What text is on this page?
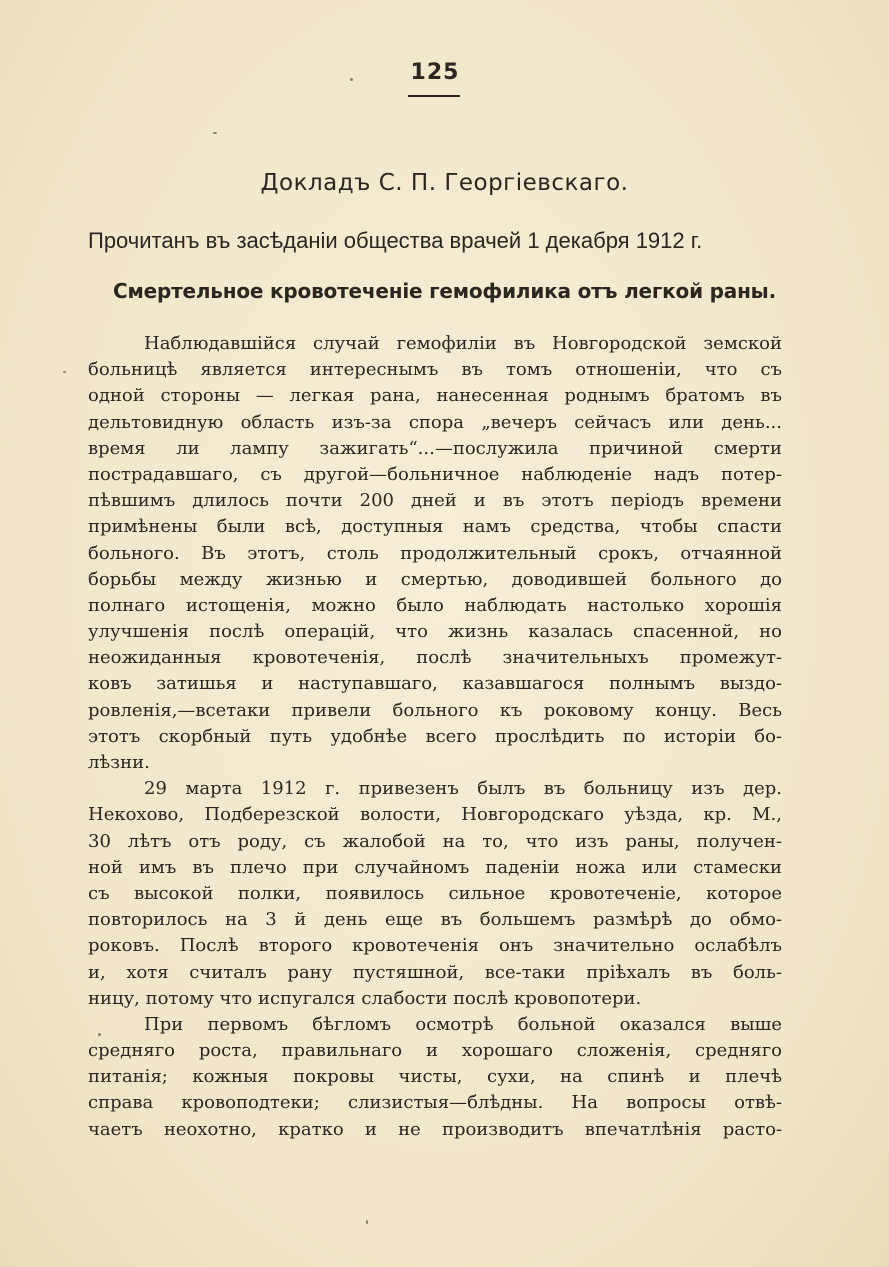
125
Докладъ С. П. Георгіевскаго.
Прочитанъ въ засѣданіи общества врачей 1 декабря 1912 г.
Смертельное кровотеченіе гемофилика отъ легкой раны.
Наблюдавшійся случай гемофиліи въ Новгородской земской
больницѣ является интереснымъ въ томъ отношеніи, что съ
одной стороны — легкая рана, нанесенная роднымъ братомъ въ
дельтовидную область изъ-за спора „вечеръ сейчасъ или день...
время ли лампу зажигать“...—послужила причиной смерти
пострадавшаго, съ другой—больничное наблюденіе надъ потер-
пѣвшимъ длилось почти 200 дней и въ этотъ періодъ времени
примѣнены были всѣ, доступныя намъ средства, чтобы спасти
больного. Въ этотъ, столь продолжительный срокъ, отчаянной
борьбы между жизнью и смертью, доводившей больного до
полнаго истощенія, можно было наблюдать настолько хорошія
улучшенія послѣ операцій, что жизнь казалась спасенной, но
неожиданныя кровотеченія, послѣ значительныхъ промежут-
ковъ затишья и наступавшаго, казавшагося полнымъ выздо-
ровленія,—всетаки привели больного къ роковому концу. Весь
этотъ скорбный путь удобнѣе всего прослѣдить по исторіи бо-
лѣзни.
29 марта 1912 г. привезенъ былъ въ больницу изъ дер.
Некохово, Подберезской волости, Новгородскаго уѣзда, кр. М.,
30 лѣтъ отъ роду, съ жалобой на то, что изъ раны, получен-
ной имъ въ плечо при случайномъ паденіи ножа или стамески
съ высокой полки, появилось сильное кровотеченіе, которое
повторилось на 3 й день еще въ большемъ размѣрѣ до обмо-
роковъ. Послѣ второго кровотеченія онъ значительно ослабѣлъ
и, хотя считалъ рану пустяшной, все-таки пріѣхалъ въ боль-
ницу, потому что испугался слабости послѣ кровопотери.
При первомъ бѣгломъ осмотрѣ больной оказался выше
средняго роста, правильнаго и хорошаго сложенія, средняго
питанія; кожныя покровы чисты, сухи, на спинѣ и плечѣ
справа кровоподтеки; слизистыя—блѣдны. На вопросы отвѣ-
чаетъ неохотно, кратко и не производитъ впечатлѣнія расто-
